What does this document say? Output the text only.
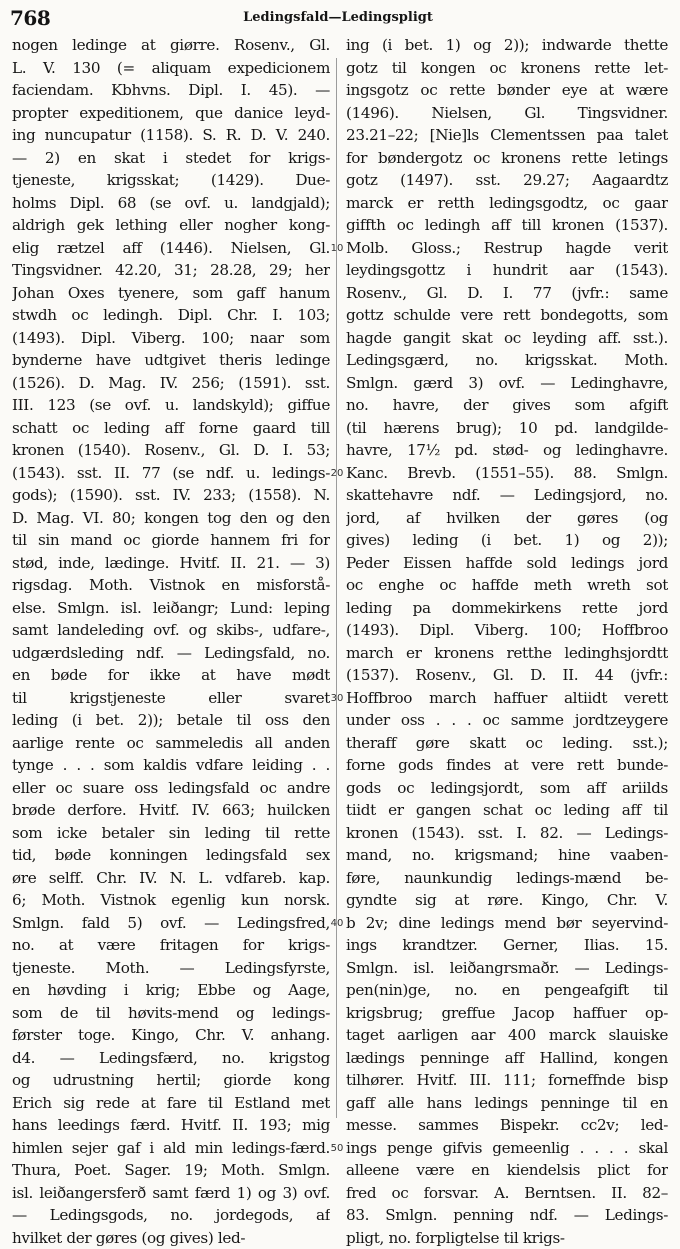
768	Ledingsfald—Ledingspligt
nogen ledinge at giørre. Rosenv., Gl.
L. V. 130 (= aliquam expedicionem
faciendam. Kbhvns. Dipl. I. 45). —
propter expeditionem, que danice leyd-
ing nuncupatur (1158). S. R. D. V. 240.
— 2) en skat i stedet for krigs-
tjeneste, krigsskat; (1429). Due-
holms Dipl. 68 (se ovf. u. landgjald);
aldrigh gek lething eller nogher kong-
elig rætzel aff (1446). Nielsen, Gl.
Tingsvidner. 42.20, 31; 28.28, 29; her
Johan Oxes tyenere, som gaff hanum
stwdh oc ledingh. Dipl. Chr. I. 103;
(1493). Dipl. Viberg. 100; naar som
bynderne have udtgivet theris ledinge
(1526). D. Mag. IV. 256; (1591). sst.
III. 123 (se ovf. u. landskyld); giffue
schatt oc leding aff forne gaard till
kronen (1540). Rosenv., Gl. D. I. 53;
(1543). sst. II. 77 (se ndf. u. ledings-
gods); (1590). sst. IV. 233; (1558). N.
D. Mag. VI. 80; kongen tog den og den
til sin mand oc giorde hannem fri for
stød, inde, lædinge. Hvitf. II. 21. — 3)
rigsdag. Moth. Vistnok en misforstå-
else. Smlgn. isl. leiðangr; Lund: leping
samt landeleding ovf. og skibs-, udfare-,
udgærdsleding ndf. — Ledingsfald, no.
en bøde for ikke at have mødt
til krigstjeneste eller svaret
leding (i bet. 2)); betale til oss den
aarlige rente oc sammeledis all anden
tynge . . . som kaldis vdfare leiding . .
eller oc suare oss ledingsfald oc andre
brøde derfore. Hvitf. IV. 663; huilcken
som icke betaler sin leding til rette
tid, bøde konningen ledingsfald sex
øre selff. Chr. IV. N. L. vdfareb. kap.
6; Moth. Vistnok egenlig kun norsk.
Smlgn. fald 5) ovf. — Ledingsfred,
no. at være fritagen for krigs-
tjeneste. Moth. — Ledingsfyrste,
en høvding i krig; Ebbe og Aage,
som de til høvits-mend og ledings-
førster toge. Kingo, Chr. V. anhang.
d4. — Ledingsfærd, no. krigstog
og udrustning hertil; giorde kong
Erich sig rede at fare til Estland met
hans leedings færd. Hvitf. II. 193; mig
himlen sejer gaf i ald min ledings-færd.
Thura, Poet. Sager. 19; Moth. Smlgn.
isl. leiðangersferð samt færd 1) og 3) ovf.
— Ledingsgods, no. jordegods, af
hvilket der gøres (og gives) led-
10
20
30
40
50
ing (i bet. 1) og 2)); indwarde thette
gotz til kongen oc kronens rette let-
ingsgotz oc rette bønder eye at wære
(1496). Nielsen, Gl. Tingsvidner.
23.21–22; [Nie]ls Clementssen paa talet
for bøndergotz oc kronens rette letings
gotz (1497). sst. 29.27; Aagaardtz
marck er retth ledingsgodtz, oc gaar
giffth oc ledingh aff till kronen (1537).
Molb. Gloss.; Restrup hagde verit
leydingsgottz i hundrit aar (1543).
Rosenv., Gl. D. I. 77 (jvfr.: same
gottz schulde vere rett bondegotts, som
hagde gangit skat oc leyding aff. sst.).
Ledingsgærd, no. krigsskat. Moth.
Smlgn. gærd 3) ovf. — Ledinghavre,
no. havre, der gives som afgift
(til hærens brug); 10 pd. landgilde-
havre, 17½ pd. stød- og ledinghavre.
Kanc. Brevb. (1551–55). 88. Smlgn.
skattehavre ndf. — Ledingsjord, no.
jord, af hvilken der gøres (og
gives) leding (i bet. 1) og 2));
Peder Eissen haffde sold ledings jord
oc enghe oc haffde meth wreth sot
leding pa dommekirkens rette jord
(1493). Dipl. Viberg. 100; Hoffbroo
march er kronens retthe ledinghsjordtt
(1537). Rosenv., Gl. D. II. 44 (jvfr.:
Hoffbroo march haffuer altiidt verett
under oss . . . oc samme jordtzeygere
theraff gøre skatt oc leding. sst.);
forne gods findes at vere rett bunde-
gods oc ledingsjordt, som aff ariilds
tiidt er gangen schat oc leding aff til
kronen (1543). sst. I. 82. — Ledings-
mand, no. krigsmand; hine vaaben-
føre, naunkundig ledings-mænd be-
gyndte sig at røre. Kingo, Chr. V.
b 2v; dine ledings mend bør seyervind-
ings krandtzer. Gerner, Ilias. 15.
Smlgn. isl. leiðangrsmaðr. — Ledings-
pen(nin)ge, no. en pengeafgift til
krigsbrug; greffue Jacop haffuer op-
taget aarligen aar 400 marck slauiske
lædings penninge aff Hallind, kongen
tilhører. Hvitf. III. 111; forneffnde bisp
gaff alle hans ledings penninge til en
messe. sammes Bispekr. cc2v; led-
ings penge gifvis gemeenlig . . . . skal
alleene være en kiendelsis plict for
fred oc forsvar. A. Berntsen. II. 82–
83. Smlgn. penning ndf. — Ledings-
pligt, no. forpligtelse til krigs-
